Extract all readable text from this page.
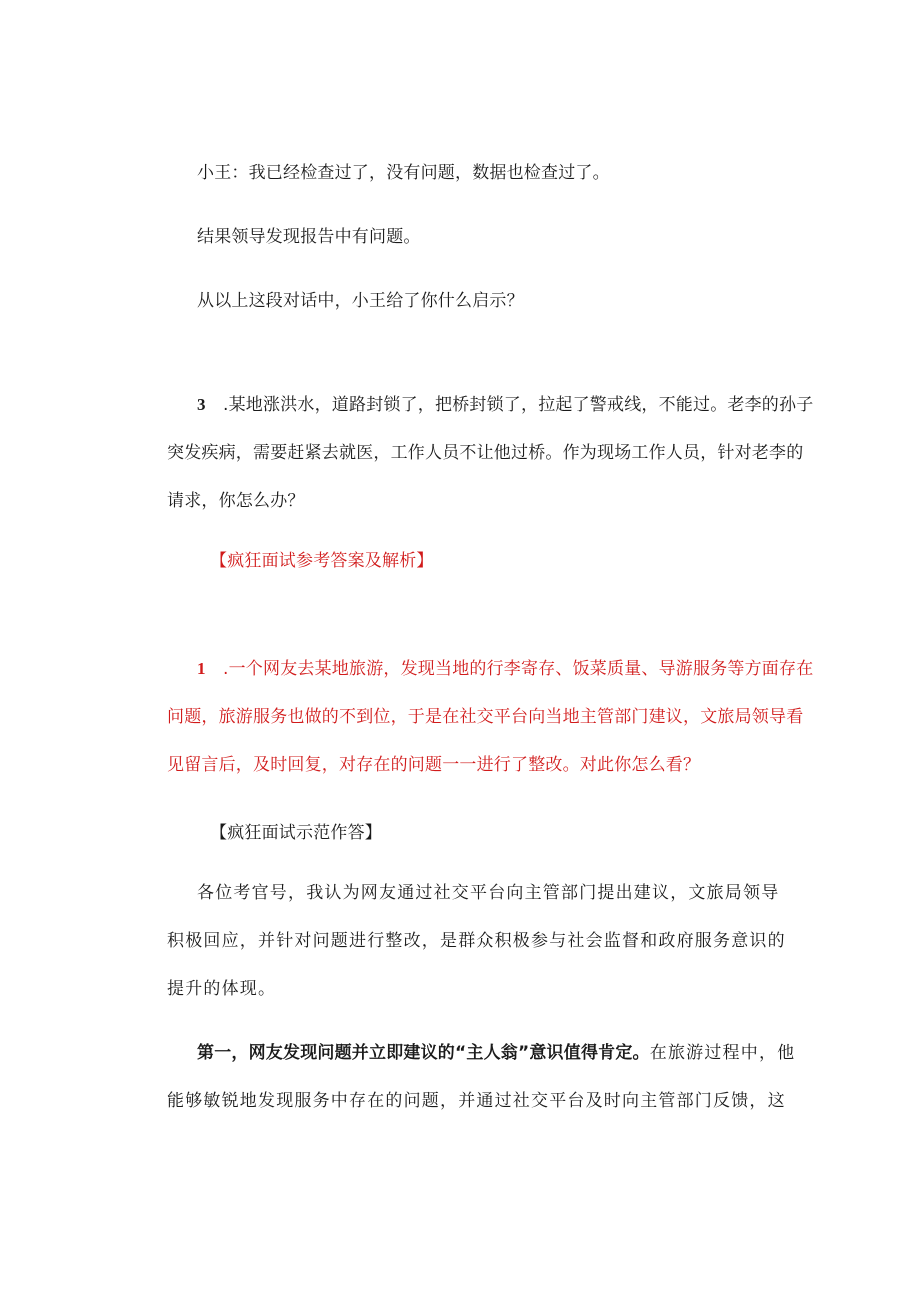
小王：我已经检查过了，没有问题，数据也检查过了。
结果领导发现报告中有问题。
从以上这段对话中，小王给了你什么启示？
3 .某地涨洪水，道路封锁了，把桥封锁了，拉起了警戒线，不能过。老李的孙子
突发疾病，需要赶紧去就医，工作人员不让他过桥。作为现场工作人员，针对老李的
请求，你怎么办？
【疯狂面试参考答案及解析】
1 .一个网友去某地旅游，发现当地的行李寄存、饭菜质量、导游服务等方面存在
问题，旅游服务也做的不到位，于是在社交平台向当地主管部门建议，文旅局领导看
见留言后，及时回复，对存在的问题一一进行了整改。对此你怎么看？
【疯狂面试示范作答】
各位考官号，我认为网友通过社交平台向主管部门提出建议，文旅局领导
积极回应，并针对问题进行整改，是群众积极参与社会监督和政府服务意识的
提升的体现。
第一，网友发现问题并立即建议的“主人翁”意识值得肯定。在旅游过程中，他
能够敏锐地发现服务中存在的问题，并通过社交平台及时向主管部门反馈，这
